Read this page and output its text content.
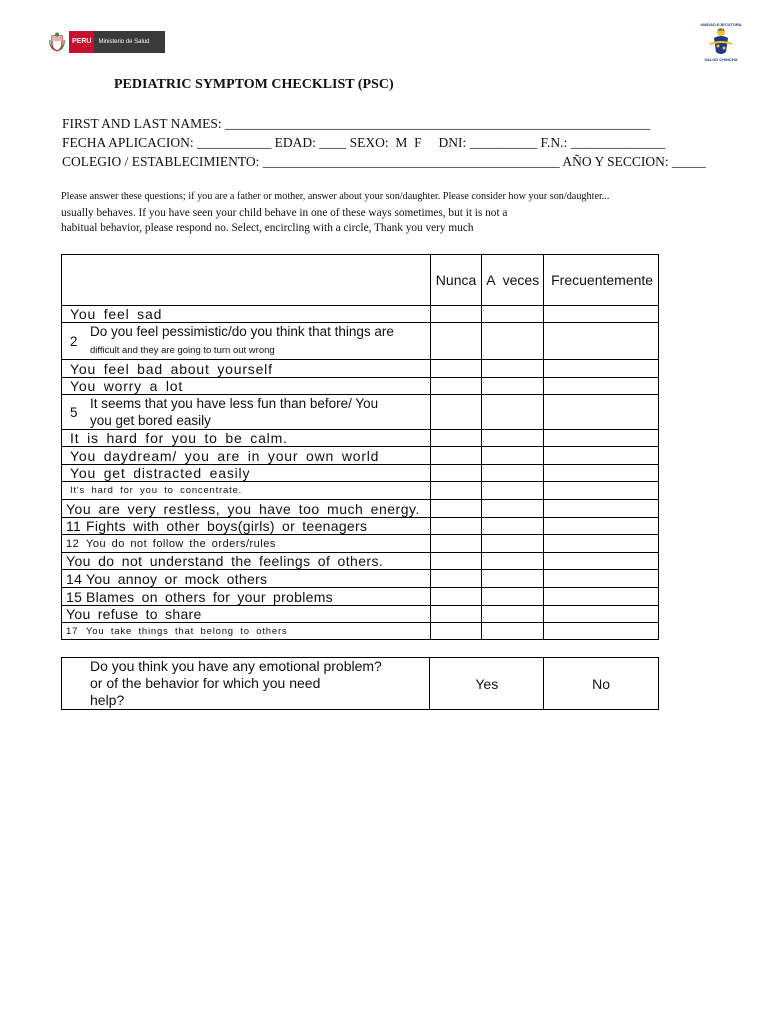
PERU	Ministerio de Salud
UNIDAD EJECUTORA 401
SALUD CHINCHA
PEDIATRIC SYMPTOM CHECKLIST (PSC)
FIRST AND LAST NAMES: _______________________________________________________________
FECHA APLICACION: ___________ EDAD: ____ SEXO:  M  F     DNI: __________ F.N.: ______________
COLEGIO / ESTABLECIMIENTO: ____________________________________________ AÑO Y SECCION: _____
Please answer these questions; if you are a father or mother, answer about your son/daughter. Please consider how your son/daughter...
usually behaves. If you have seen your child behave in one of these ways sometimes, but it is not a
habitual behavior, please respond no. Select, encircling with a circle, Thank you very much
	Nunca	A  veces	Frecuentemente
You feel sad			
2Do you feel pessimistic/do you think that things are
difficult and they are going to turn out wrong			
You feel bad about yourself			
You worry a lot			
5It seems that you have less fun than before/ You
you get bored easily			
It is hard for you to be calm.			
You daydream/ you are in your own world			
You get distracted easily			
It's hard for you to concentrate.			
You are very restless, you have too much energy.			
11 Fights with other boys(girls) or teenagers			
12 You do not follow the orders/rules			
You do not understand the feelings of others.			
14 You annoy or mock others			
15 Blames on others for your problems			
You refuse to share			
17 You take things that belong to others			
Do you think you have any emotional problem?
or of the behavior for which you need
help?	Yes	No
